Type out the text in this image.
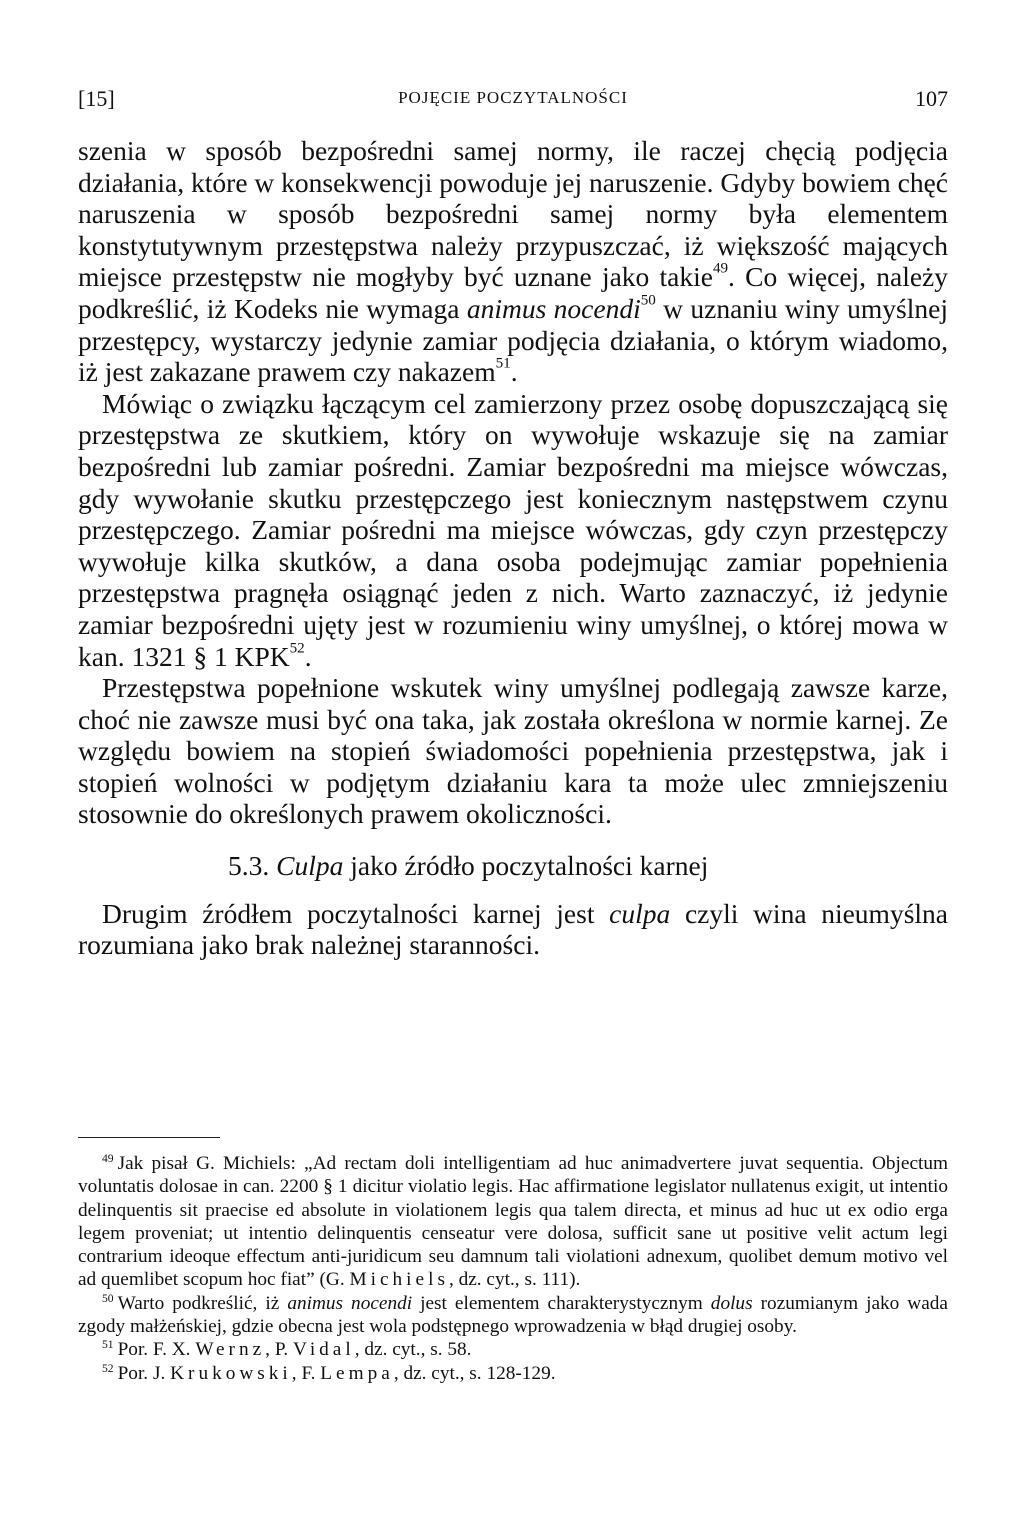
[15]	POJĘCIE POCZYTALNOŚCI	107

szenia w sposób bezpośredni samej normy, ile raczej chęcią podjęcia działania, które w konsekwencji powoduje jej naruszenie. Gdyby bowiem chęć naruszenia w sposób bezpośredni samej normy była elementem konstytutywnym przestępstwa należy przypuszczać, iż większość mających miejsce przestępstw nie mogłyby być uznane jako takie$^{49}$. Co więcej, należy podkreślić, iż Kodeks nie wymaga animus nocendi$^{50}$ w uznaniu winy umyślnej przestępcy, wystarczy jedynie zamiar podjęcia działania, o którym wiadomo, iż jest zakazane prawem czy nakazem$^{51}$.

Mówiąc o związku łączącym cel zamierzony przez osobę dopuszczającą się przestępstwa ze skutkiem, który on wywołuje wskazuje się na zamiar bezpośredni lub zamiar pośredni. Zamiar bezpośredni ma miejsce wówczas, gdy wywołanie skutku przestępczego jest koniecznym następstwem czynu przestępczego. Zamiar pośredni ma miejsce wówczas, gdy czyn przestępczy wywołuje kilka skutków, a dana osoba podejmując zamiar popełnienia przestępstwa pragnęła osiągnąć jeden z nich. Warto zaznaczyć, iż jedynie zamiar bezpośredni ujęty jest w rozumieniu winy umyślnej, o której mowa w kan. 1321 § 1 KPK$^{52}$.

Przestępstwa popełnione wskutek winy umyślnej podlegają zawsze karze, choć nie zawsze musi być ona taka, jak została określona w normie karnej. Ze względu bowiem na stopień świadomości popełnienia przestępstwa, jak i stopień wolności w podjętym działaniu kara ta może ulec zmniejszeniu stosownie do określonych prawem okoliczności.

5.3. Culpa jako źródło poczytalności karnej

Drugim źródłem poczytalności karnej jest culpa czyli wina nieumyślna rozumiana jako brak należnej staranności.

$^{49}$ Jak pisał G. Michiels: „Ad rectam doli intelligentiam ad huc animadvertere juvat sequentia. Objectum voluntatis dolosae in can. 2200 § 1 dicitur violatio legis. Hac affirmatione legislator nullatenus exigit, ut intentio delinquentis sit praecise ed absolute in violationem legis qua talem directa, et minus ad huc ut ex odio erga legem proveniat; ut intentio delinquentis censeatur vere dolosa, sufficit sane ut positive velit actum legi contrarium ideoque effectum anti-juridicum seu damnum tali violationi adnexum, quolibet demum motivo vel ad quemlibet scopum hoc fiat” (G. Michiels, dz. cyt., s. 111).

$^{50}$ Warto podkreślić, iż animus nocendi jest elementem charakterystycznym dolus rozumianym jako wada zgody małżeńskiej, gdzie obecna jest wola podstępnego wprowadzenia w błąd drugiej osoby.

$^{51}$ Por. F. X. Wernz, P. Vidal, dz. cyt., s. 58.

$^{52}$ Por. J. Krukowski, F. Lempa, dz. cyt., s. 128-129.
